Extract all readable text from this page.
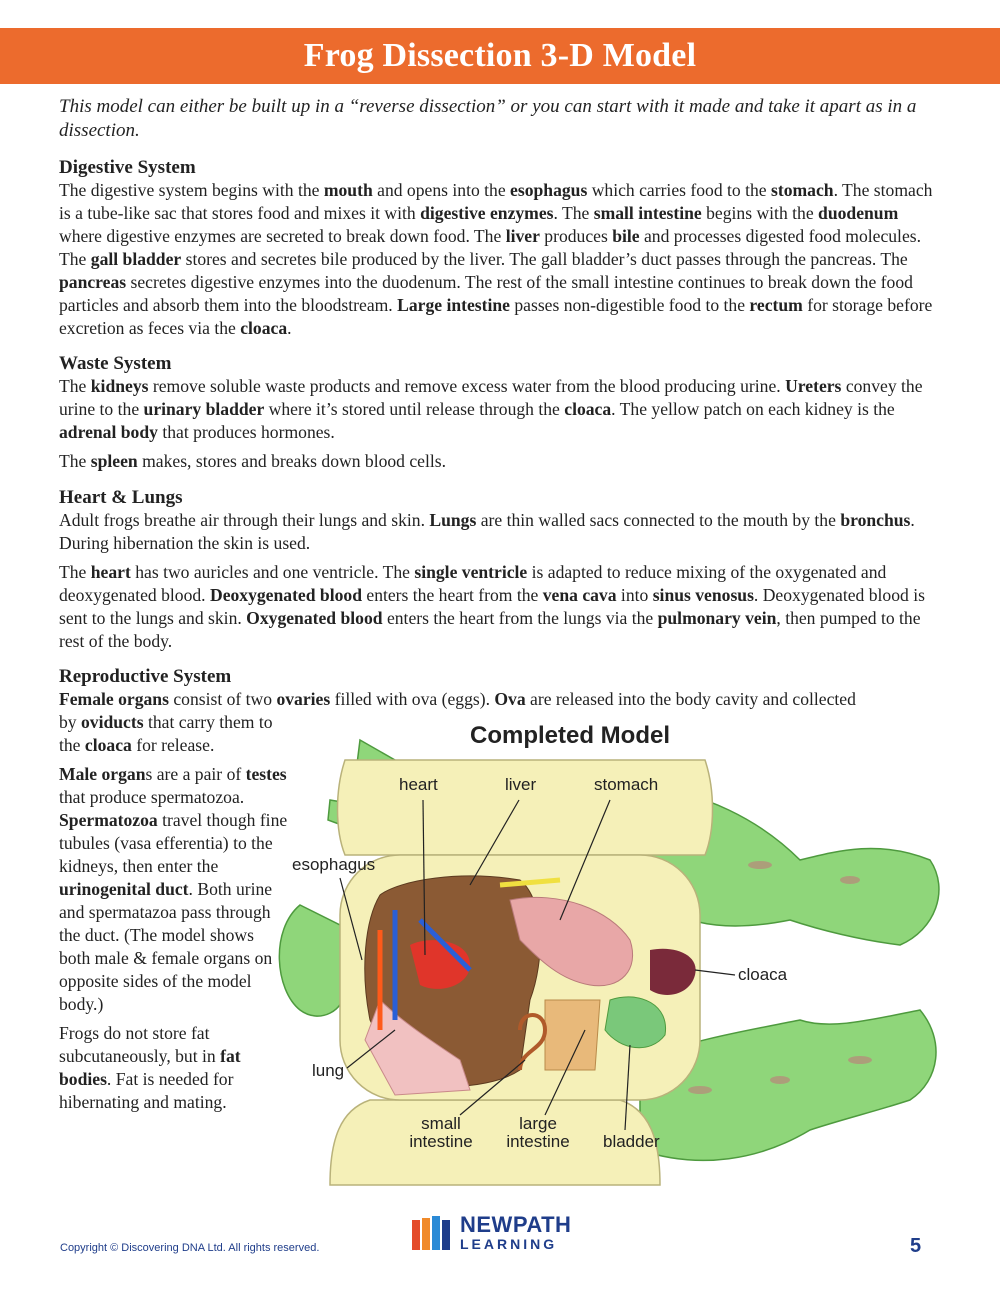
Frog Dissection 3-D Model
This model can either be built up in a “reverse dissection” or you can start with it made and take it apart as in a dissection.
Digestive System

The digestive system begins with the mouth and opens into the esophagus which carries food to the stomach. The stomach is a tube-like sac that stores food and mixes it with digestive enzymes. The small intestine begins with the duodenum where digestive enzymes are secreted to break down food. The liver produces bile and processes digested food molecules. The gall bladder stores and secretes bile produced by the liver. The gall bladder’s duct passes through the pancreas. The pancreas secretes digestive enzymes into the duodenum. The rest of the small intestine continues to break down the food particles and absorb them into the bloodstream. Large intestine passes non-digestible food to the rectum for storage before excretion as feces via the cloaca.

Waste System

The kidneys remove soluble waste products and remove excess water from the blood producing urine. Ureters convey the urine to the urinary bladder where it’s stored until release through the cloaca. The yellow patch on each kidney is the adrenal body that produces hormones.

The spleen makes, stores and breaks down blood cells.

Heart & Lungs

Adult frogs breathe air through their lungs and skin. Lungs are thin walled sacs connected to the mouth by the bronchus. During hibernation the skin is used.

The heart has two auricles and one ventricle. The single ventricle is adapted to reduce mixing of the oxygenated and deoxygenated blood. Deoxygenated blood enters the heart from the vena cava into sinus venosus. Deoxygenated blood is sent to the lungs and skin. Oxygenated blood enters the heart from the lungs via the pulmonary vein, then pumped to the rest of the body.

Reproductive System

Female organs consist of two ovaries filled with ova (eggs). Ova are released into the body cavity and collected

by oviducts that carry them to the cloaca for release.

Male organs are a pair of testes that produce spermatozoa. Spermatozoa travel though fine tubules (vasa efferentia) to the kidneys, then enter the urinogenital duct. Both urine and spermatazoa pass through the duct. (The model shows both male & female organs on opposite sides of the model body.)

Frogs do not store fat subcutaneously, but in fat bodies. Fat is needed for hibernating and mating.

Completed Model
heart	liver	stomach
esophagus
cloaca
lung
small
intestine
large
intestine bladder
Copyright © Discovering DNA Ltd. All rights reserved.
NEWPATH
LEARNING	5
